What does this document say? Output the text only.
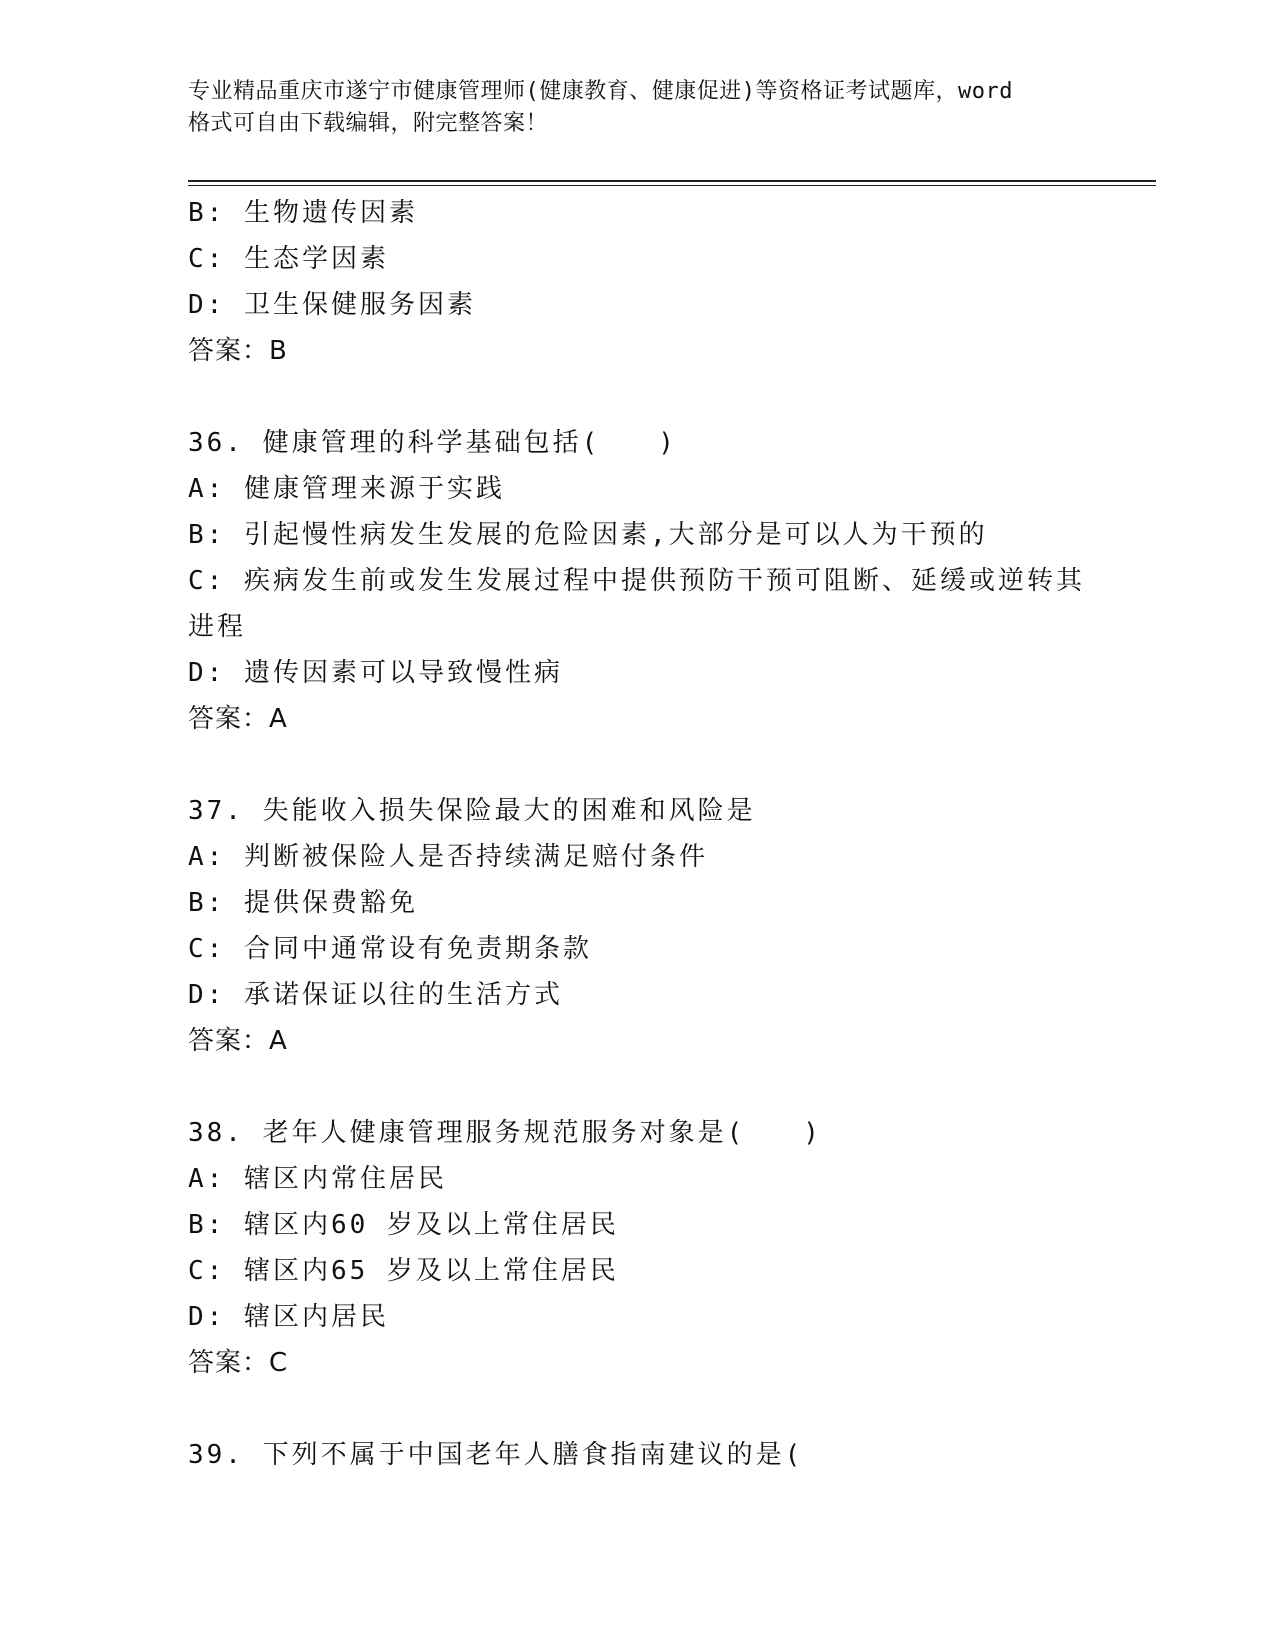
专业精品重庆市遂宁市健康管理师(健康教育、健康促进)等资格证考试题库，word
格式可自由下载编辑，附完整答案！
B: 生物遗传因素
C: 生态学因素
D: 卫生保健服务因素
答案：B
36. 健康管理的科学基础包括(　　)
A: 健康管理来源于实践
B: 引起慢性病发生发展的危险因素,大部分是可以人为干预的
C: 疾病发生前或发生发展过程中提供预防干预可阻断、延缓或逆转其
进程
D: 遗传因素可以导致慢性病
答案：A
37. 失能收入损失保险最大的困难和风险是
A: 判断被保险人是否持续满足赔付条件
B: 提供保费豁免
C: 合同中通常设有免责期条款
D: 承诺保证以往的生活方式
答案：A
38. 老年人健康管理服务规范服务对象是(　　)
A: 辖区内常住居民
B: 辖区内60 岁及以上常住居民
C: 辖区内65 岁及以上常住居民
D: 辖区内居民
答案：C
39. 下列不属于中国老年人膳食指南建议的是(
